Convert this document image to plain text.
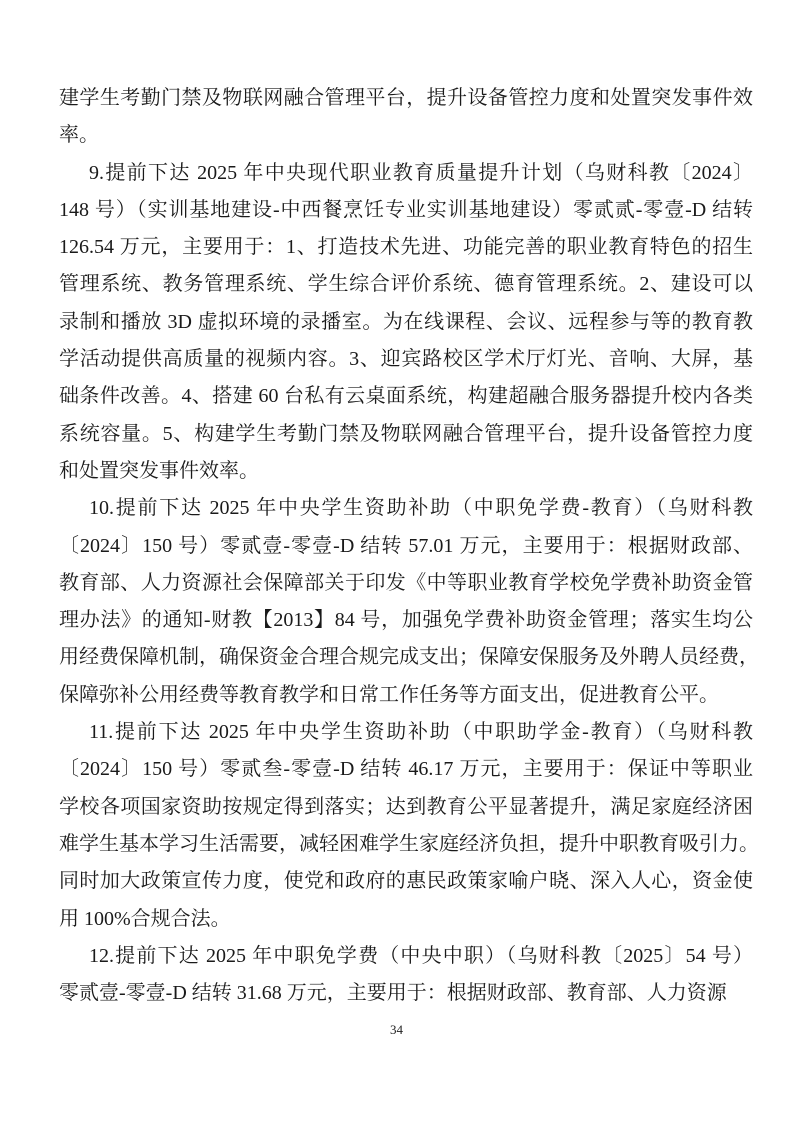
建学生考勤门禁及物联网融合管理平台，提升设备管控力度和处置突发事件效
率。
9.提前下达 2025 年中央现代职业教育质量提升计划（乌财科教〔2024〕
148 号）（实训基地建设-中西餐烹饪专业实训基地建设）零贰贰-零壹-D 结转
126.54 万元，主要用于：1、打造技术先进、功能完善的职业教育特色的招生
管理系统、教务管理系统、学生综合评价系统、德育管理系统。2、建设可以
录制和播放 3D 虚拟环境的录播室。为在线课程、会议、远程参与等的教育教
学活动提供高质量的视频内容。3、迎宾路校区学术厅灯光、音响、大屏，基
础条件改善。4、搭建 60 台私有云桌面系统，构建超融合服务器提升校内各类
系统容量。5、构建学生考勤门禁及物联网融合管理平台，提升设备管控力度
和处置突发事件效率。
10.提前下达 2025 年中央学生资助补助（中职免学费-教育）（乌财科教
〔2024〕150 号）零贰壹-零壹-D 结转 57.01 万元，主要用于：根据财政部、
教育部、人力资源社会保障部关于印发《中等职业教育学校免学费补助资金管
理办法》的通知-财教【2013】84 号，加强免学费补助资金管理；落实生均公
用经费保障机制，确保资金合理合规完成支出；保障安保服务及外聘人员经费，
保障弥补公用经费等教育教学和日常工作任务等方面支出，促进教育公平。
11.提前下达 2025 年中央学生资助补助（中职助学金-教育）（乌财科教
〔2024〕150 号）零贰叁-零壹-D 结转 46.17 万元，主要用于：保证中等职业
学校各项国家资助按规定得到落实；达到教育公平显著提升，满足家庭经济困
难学生基本学习生活需要，减轻困难学生家庭经济负担，提升中职教育吸引力。
同时加大政策宣传力度，使党和政府的惠民政策家喻户晓、深入人心，资金使
用 100%合规合法。
12.提前下达 2025 年中职免学费（中央中职）（乌财科教〔2025〕54 号）
零贰壹-零壹-D 结转 31.68 万元，主要用于：根据财政部、教育部、人力资源
34
